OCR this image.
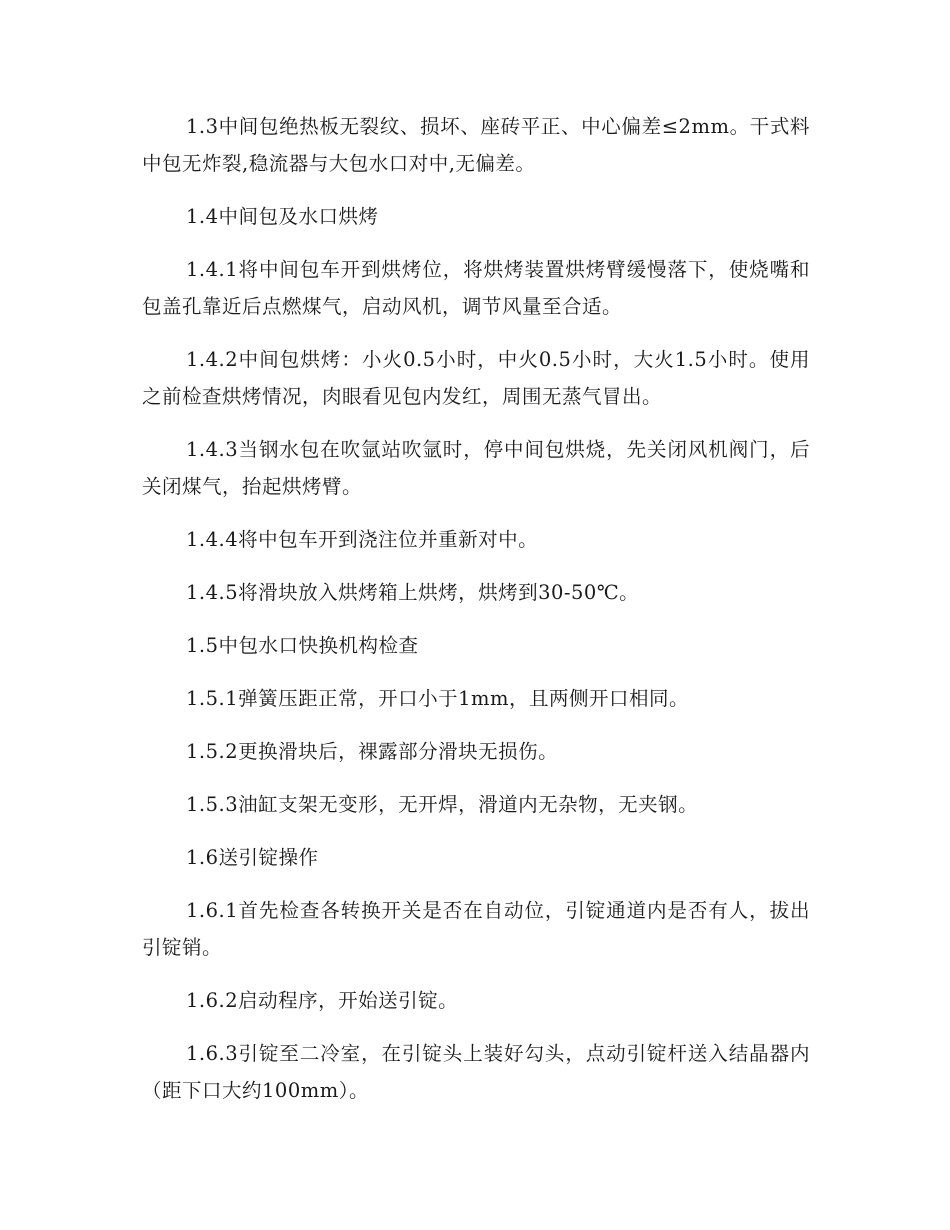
1.3中间包绝热板无裂纹、损坏、座砖平正、中心偏差≤2mm。干式料中包无炸裂,稳流器与大包水口对中,无偏差。

1.4中间包及水口烘烤

1.4.1将中间包车开到烘烤位，将烘烤装置烘烤臂缓慢落下，使烧嘴和包盖孔靠近后点燃煤气，启动风机，调节风量至合适。

1.4.2中间包烘烤：小火0.5小时，中火0.5小时，大火1.5小时。使用之前检查烘烤情况，肉眼看见包内发红，周围无蒸气冒出。

1.4.3当钢水包在吹氩站吹氩时，停中间包烘烧，先关闭风机阀门，后关闭煤气，抬起烘烤臂。

1.4.4将中包车开到浇注位并重新对中。

1.4.5将滑块放入烘烤箱上烘烤，烘烤到30-50℃。

1.5中包水口快换机构检查

1.5.1弹簧压距正常，开口小于1mm，且两侧开口相同。

1.5.2更换滑块后，裸露部分滑块无损伤。

1.5.3油缸支架无变形，无开焊，滑道内无杂物，无夹钢。

1.6送引锭操作

1.6.1首先检查各转换开关是否在自动位，引锭通道内是否有人，拔出引锭销。

1.6.2启动程序，开始送引锭。

1.6.3引锭至二冷室，在引锭头上装好勾头，点动引锭杆送入结晶器内（距下口大约100mm）。
